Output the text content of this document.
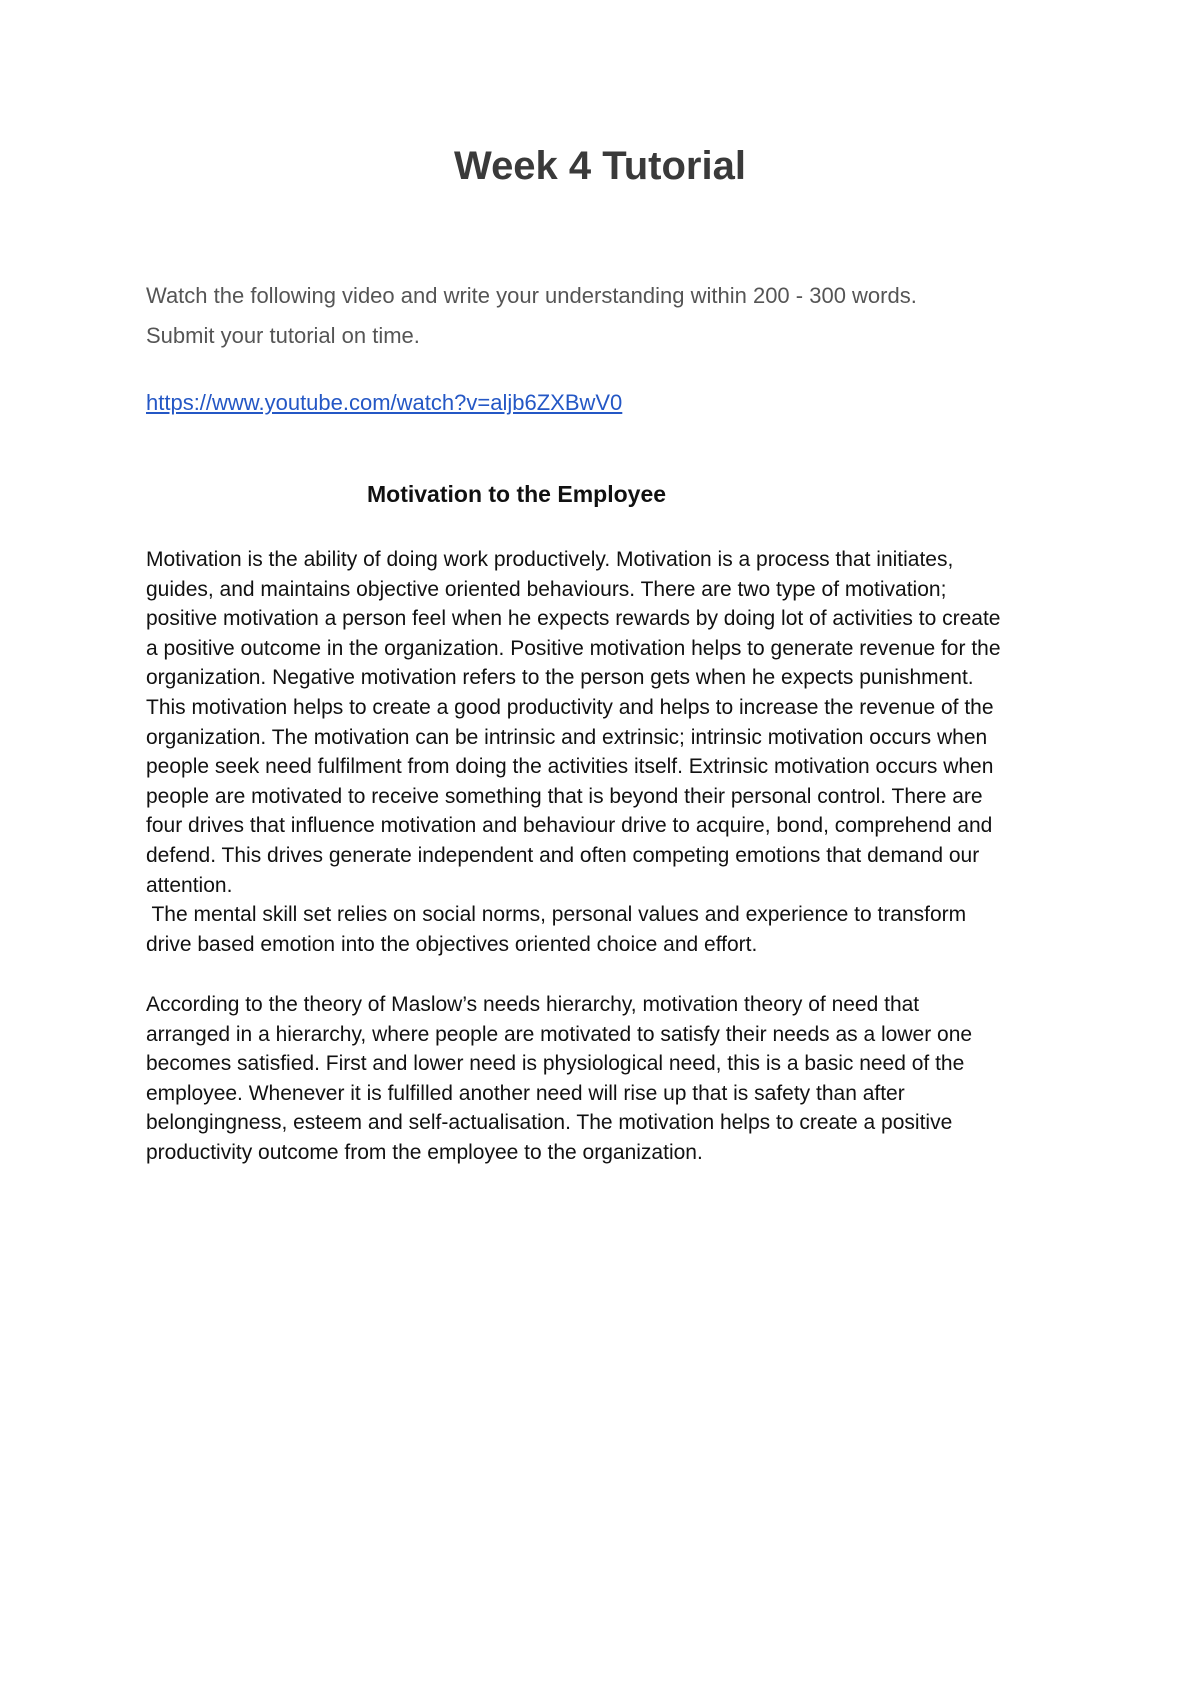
Week 4 Tutorial
Watch the following video and write your understanding within 200 - 300 words.
Submit your tutorial on time.
https://www.youtube.com/watch?v=aljb6ZXBwV0
Motivation to the Employee
Motivation is the ability of doing work productively. Motivation is a process that initiates,
guides, and maintains objective oriented behaviours. There are two type of motivation;
positive motivation a person feel when he expects rewards by doing lot of activities to create
a positive outcome in the organization. Positive motivation helps to generate revenue for the
organization. Negative motivation refers to the person gets when he expects punishment.
This motivation helps to create a good productivity and helps to increase the revenue of the
organization. The motivation can be intrinsic and extrinsic; intrinsic motivation occurs when
people seek need fulfilment from doing the activities itself. Extrinsic motivation occurs when
people are motivated to receive something that is beyond their personal control. There are
four drives that influence motivation and behaviour drive to acquire, bond, comprehend and
defend. This drives generate independent and often competing emotions that demand our
attention.
The mental skill set relies on social norms, personal values and experience to transform
drive based emotion into the objectives oriented choice and effort.
According to the theory of Maslow’s needs hierarchy, motivation theory of need that
arranged in a hierarchy, where people are motivated to satisfy their needs as a lower one
becomes satisfied. First and lower need is physiological need, this is a basic need of the
employee. Whenever it is fulfilled another need will rise up that is safety than after
belongingness, esteem and self-actualisation. The motivation helps to create a positive
productivity outcome from the employee to the organization.
